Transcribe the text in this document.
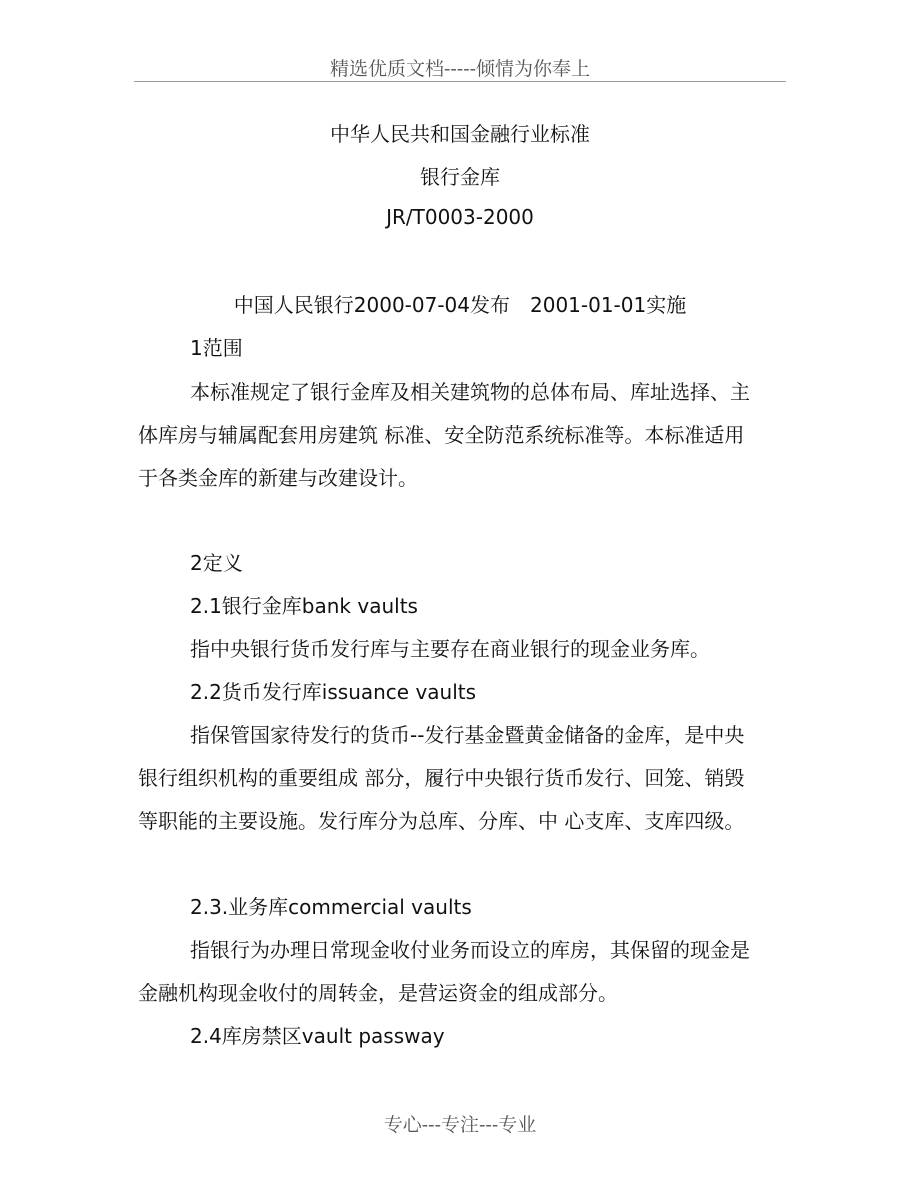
精选优质文档-----倾情为你奉上
中华人民共和国金融行业标准
银行金库
JR/T0003-2000
中国人民银行2000-07-04发布　2001-01-01实施
1范围
本标准规定了银行金库及相关建筑物的总体布局、库址选择、主
体库房与辅属配套用房建筑 标准、安全防范系统标准等。本标准适用
于各类金库的新建与改建设计。
2定义
2.1银行金库bank vaults
指中央银行货币发行库与主要存在商业银行的现金业务库。
2.2货币发行库issuance vaults
指保管国家待发行的货币--发行基金暨黄金储备的金库，是中央
银行组织机构的重要组成 部分，履行中央银行货币发行、回笼、销毁
等职能的主要设施。发行库分为总库、分库、中 心支库、支库四级。
2.3.业务库commercial vaults
指银行为办理日常现金收付业务而设立的库房，其保留的现金是
金融机构现金收付的周转金，是营运资金的组成部分。
2.4库房禁区vault passway
专心---专注---专业
